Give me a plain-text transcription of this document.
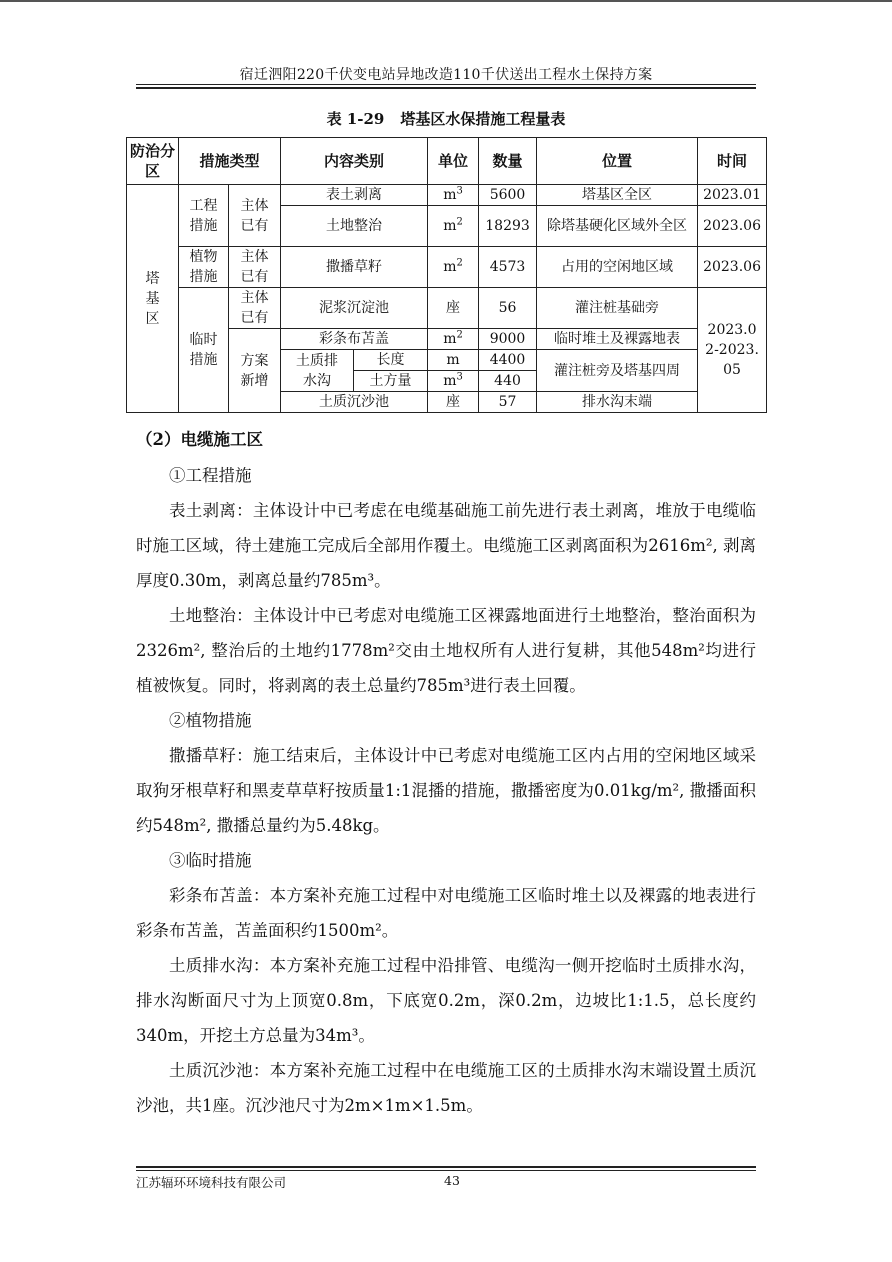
宿迁泗阳220千伏变电站异地改造110千伏送出工程水土保持方案
表 1-29 塔基区水保措施工程量表
防治分区	措施类型		内容类别		单位	数量	位置	时间
塔基区	工程措施	主体已有	表土剥离		$m^3$	5600	塔基区全区	2023.01
			土地整治		$m^2$	18293	除塔基硬化区域外全区	2023.06
	植物措施	主体已有	撒播草籽		$m^2$	4573	占用的空闲地区域	2023.06
	临时措施	主体已有	泥浆沉淀池		座	56	灌注桩基础旁	2023.02-2023.05
		方案新增	彩条布苫盖		$m^2$	9000	临时堆土及裸露地表	
			土质排水沟	长度	m	4400	灌注桩旁及塔基四周	
				土方量	$m^3$	440		
			土质沉沙池		座	57	排水沟末端	
（2）电缆施工区

①工程措施

表土剥离：主体设计中已考虑在电缆基础施工前先进行表土剥离，堆放于电缆临时施工区域，待土建施工完成后全部用作覆土。电缆施工区剥离面积为2616m², 剥离厚度0.30m，剥离总量约785m³。

土地整治：主体设计中已考虑对电缆施工区裸露地面进行土地整治，整治面积为2326m², 整治后的土地约1778m²交由土地权所有人进行复耕，其他548m²均进行植被恢复。同时，将剥离的表土总量约785m³进行表土回覆。

②植物措施

撒播草籽：施工结束后，主体设计中已考虑对电缆施工区内占用的空闲地区域采取狗牙根草籽和黑麦草草籽按质量1:1混播的措施，撒播密度为0.01kg/m², 撒播面积约548m², 撒播总量约为5.48kg。

③临时措施

彩条布苫盖：本方案补充施工过程中对电缆施工区临时堆土以及裸露的地表进行彩条布苫盖，苫盖面积约1500m²。

土质排水沟：本方案补充施工过程中沿排管、电缆沟一侧开挖临时土质排水沟，排水沟断面尺寸为上顶宽0.8m，下底宽0.2m，深0.2m，边坡比1:1.5，总长度约340m，开挖土方总量为34m³。

土质沉沙池：本方案补充施工过程中在电缆施工区的土质排水沟末端设置土质沉沙池，共1座。沉沙池尺寸为2m×1m×1.5m。

江苏辐环环境科技有限公司	43
